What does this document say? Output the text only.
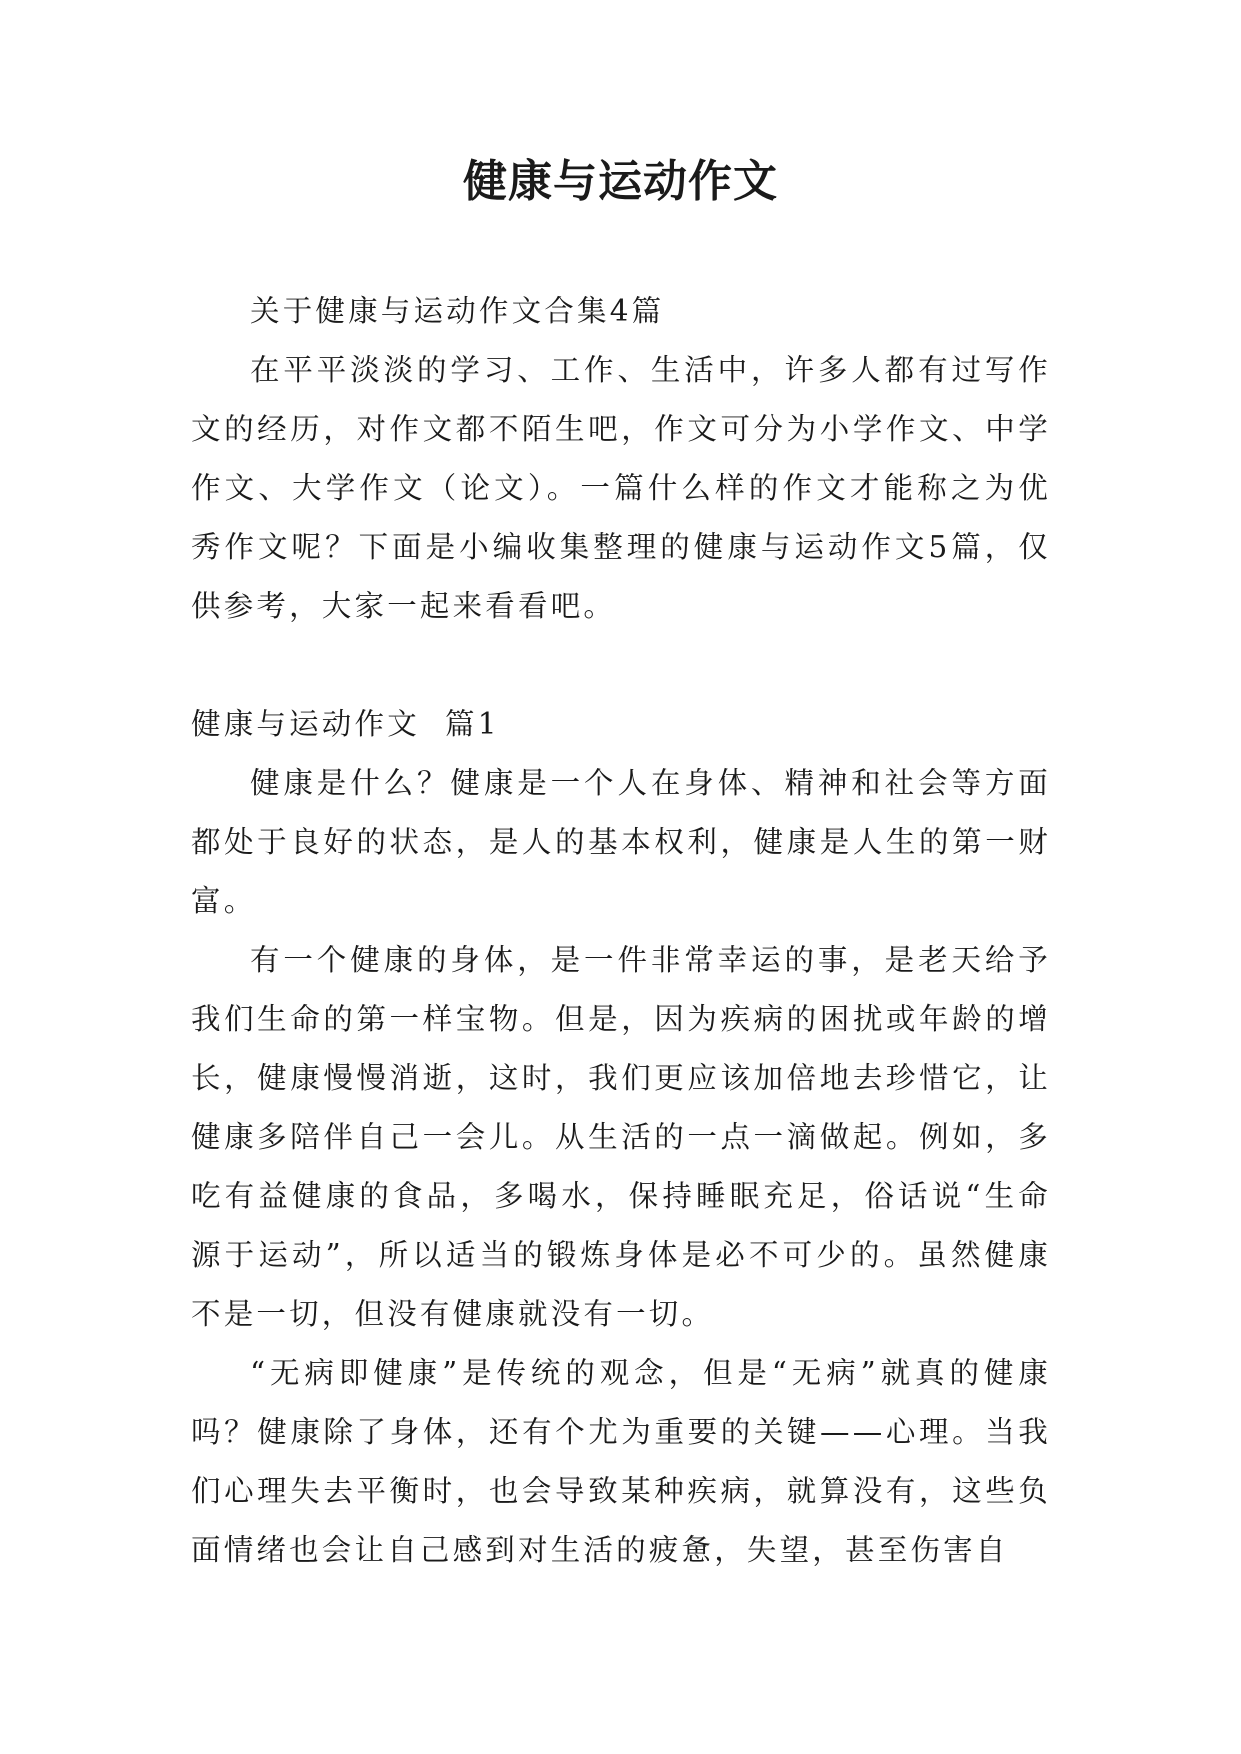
健康与运动作文

关于健康与运动作文合集4篇

在平平淡淡的学习、工作、生活中，许多人都有过写作文的经历，对作文都不陌生吧，作文可分为小学作文、中学作文、大学作文（论文）。一篇什么样的作文才能称之为优秀作文呢？下面是小编收集整理的健康与运动作文5篇，仅供参考，大家一起来看看吧。

健康与运动作文  篇1

健康是什么？健康是一个人在身体、精神和社会等方面都处于良好的状态，是人的基本权利，健康是人生的第一财富。

有一个健康的身体，是一件非常幸运的事，是老天给予我们生命的第一样宝物。但是，因为疾病的困扰或年龄的增长，健康慢慢消逝，这时，我们更应该加倍地去珍惜它，让健康多陪伴自己一会儿。从生活的一点一滴做起。例如，多吃有益健康的食品，多喝水，保持睡眠充足，俗话说“生命源于运动”，所以适当的锻炼身体是必不可少的。虽然健康不是一切，但没有健康就没有一切。

“无病即健康”是传统的观念，但是“无病”就真的健康吗？健康除了身体，还有个尤为重要的关键——心理。当我们心理失去平衡时，也会导致某种疾病，就算没有，这些负面情绪也会让自己感到对生活的疲惫，失望，甚至伤害自
